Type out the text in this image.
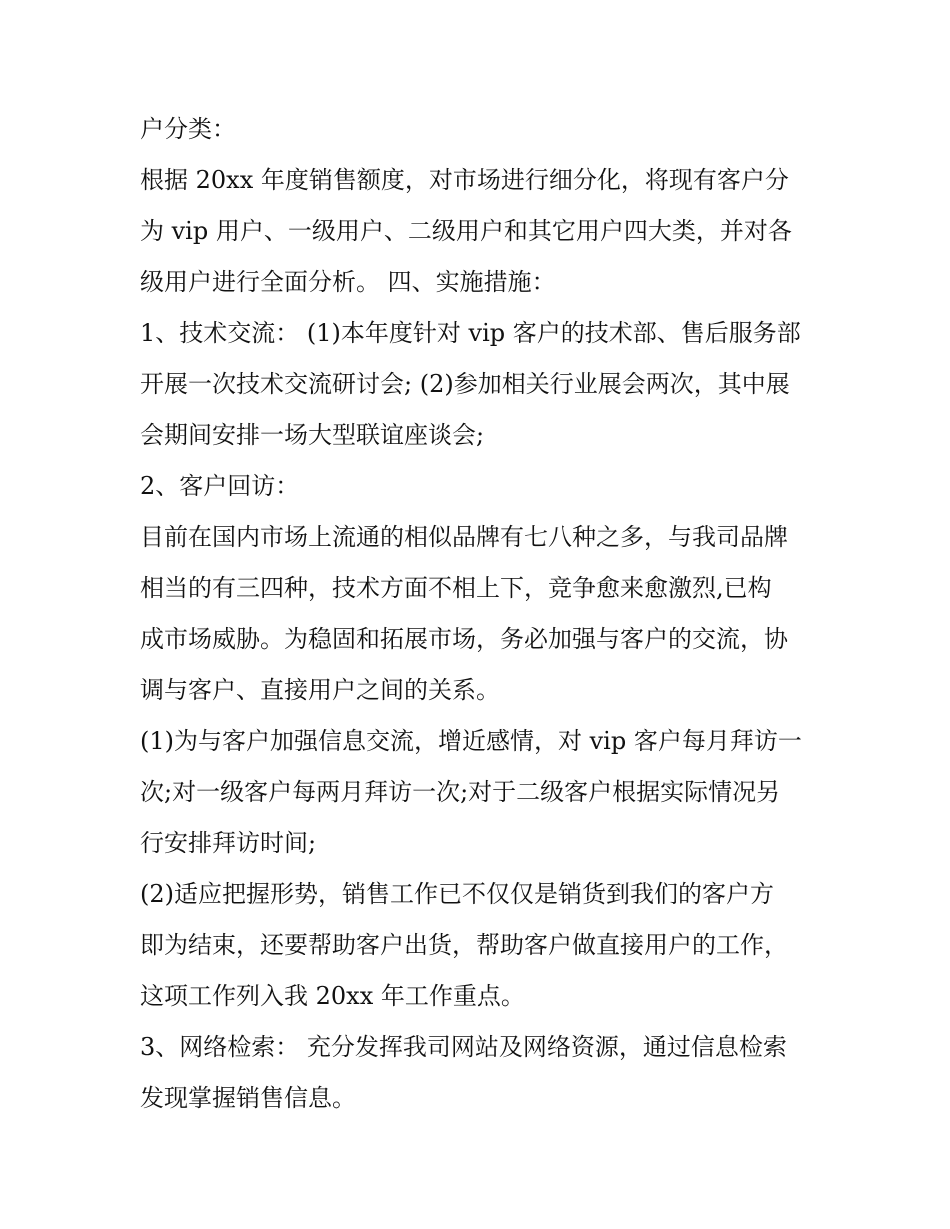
户分类：

根据 20xx 年度销售额度，对市场进行细分化，将现有客户分

为 vip 用户、一级用户、二级用户和其它用户四大类，并对各

级用户进行全面分析。 四、实施措施：

1、技术交流： (1)本年度针对 vip 客户的技术部、售后服务部

开展一次技术交流研讨会; (2)参加相关行业展会两次，其中展

会期间安排一场大型联谊座谈会;

2、客户回访：

目前在国内市场上流通的相似品牌有七八种之多，与我司品牌

相当的有三四种，技术方面不相上下，竞争愈来愈激烈,已构

成市场威胁。为稳固和拓展市场，务必加强与客户的交流，协

调与客户、直接用户之间的关系。

(1)为与客户加强信息交流，增近感情，对 vip 客户每月拜访一

次;对一级客户每两月拜访一次;对于二级客户根据实际情况另

行安排拜访时间;

(2)适应把握形势，销售工作已不仅仅是销货到我们的客户方

即为结束，还要帮助客户出货，帮助客户做直接用户的工作，

这项工作列入我 20xx 年工作重点。

3、网络检索： 充分发挥我司网站及网络资源，通过信息检索

发现掌握销售信息。
